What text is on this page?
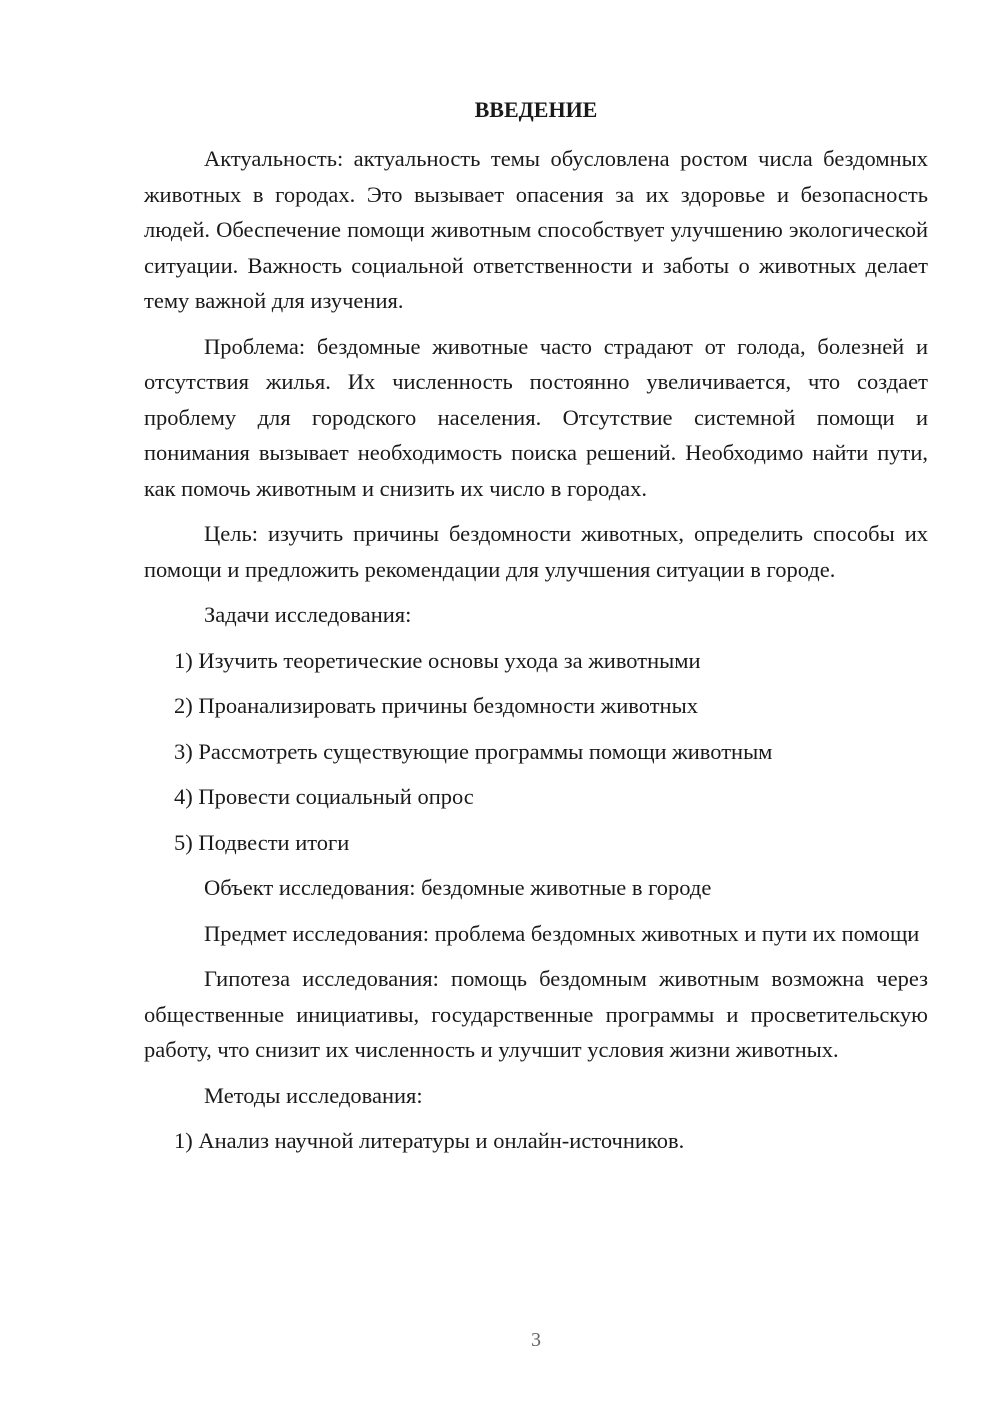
ВВЕДЕНИЕ

Актуальность: актуальность темы обусловлена ростом числа бездомных животных в городах. Это вызывает опасения за их здоровье и безопасность людей. Обеспечение помощи животным способствует улучшению экологической ситуации. Важность социальной ответственности и заботы о животных делает тему важной для изучения.

Проблема: бездомные животные часто страдают от голода, болезней и отсутствия жилья. Их численность постоянно увеличивается, что создает проблему для городского населения. Отсутствие системной помощи и понимания вызывает необходимость поиска решений. Необходимо найти пути, как помочь животным и снизить их число в городах.

Цель: изучить причины бездомности животных, определить способы их помощи и предложить рекомендации для улучшения ситуации в городе.

Задачи исследования:

1) Изучить теоретические основы ухода за животными
2) Проанализировать причины бездомности животных
3) Рассмотреть существующие программы помощи животным
4) Провести социальный опрос
5) Подвести итоги

Объект исследования: бездомные животные в городе

Предмет исследования: проблема бездомных животных и пути их помощи

Гипотеза исследования: помощь бездомным животным возможна через общественные инициативы, государственные программы и просветительскую работу, что снизит их численность и улучшит условия жизни животных.

Методы исследования:

1) Анализ научной литературы и онлайн-источников.
3
